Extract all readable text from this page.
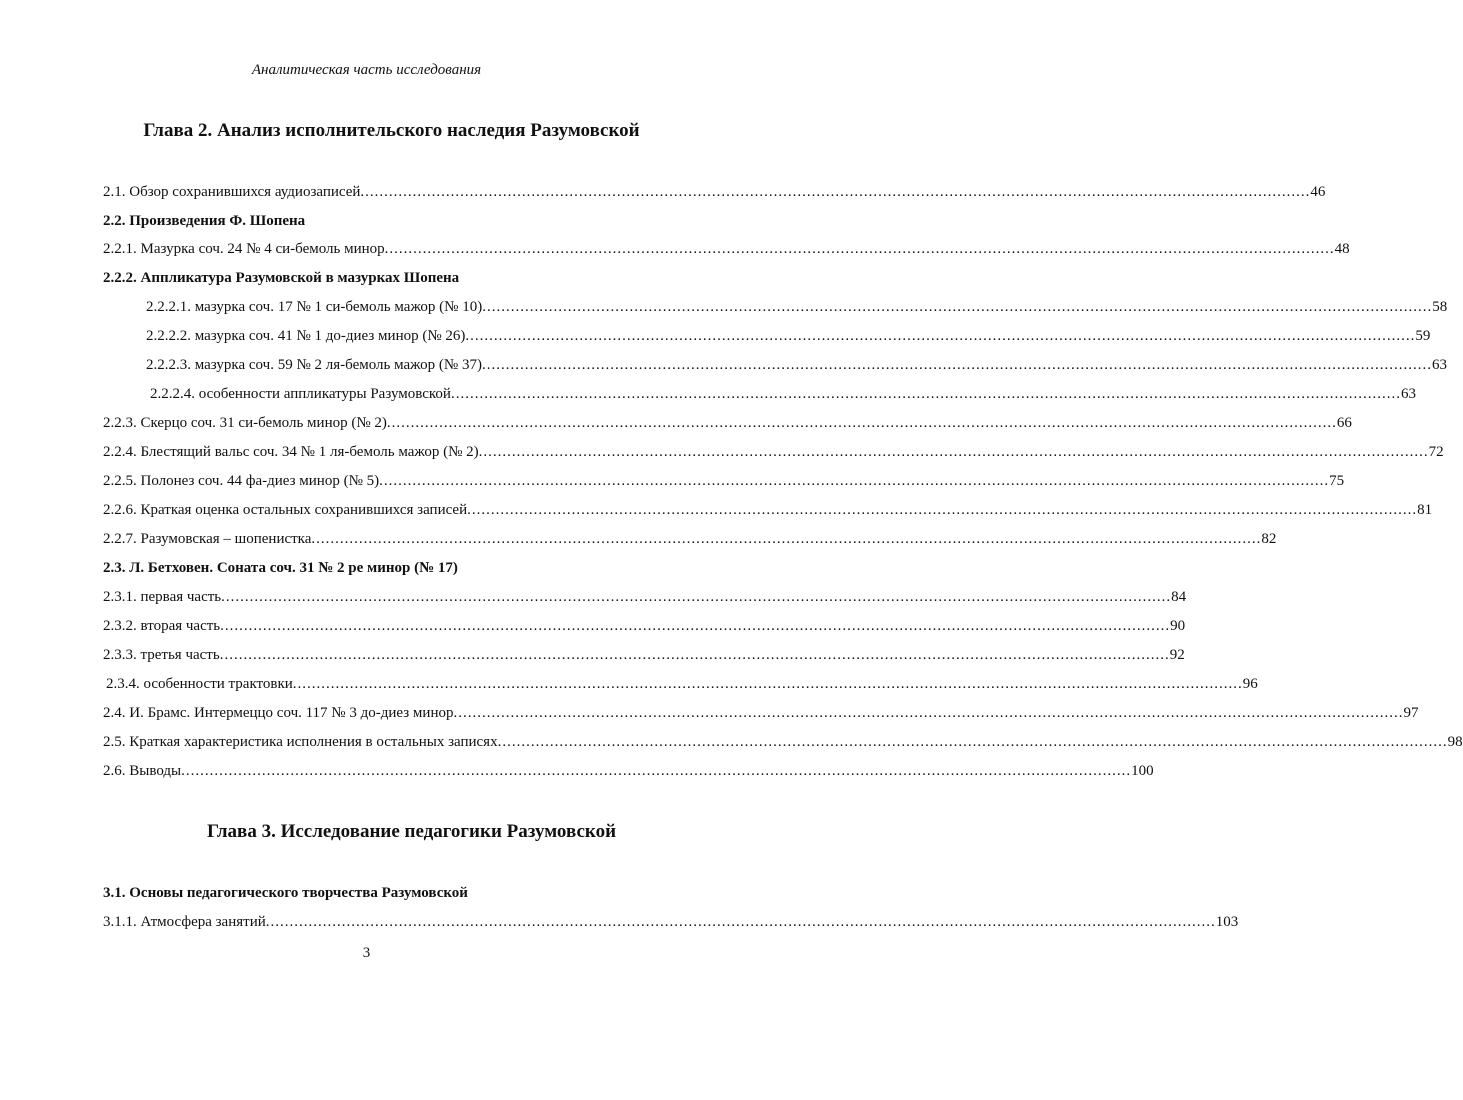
Аналитическая часть исследования
Глава 2. Анализ исполнительского наследия Разумовской
2.1. Обзор сохранившихся аудиозаписей ........................................................................................................................................................................................................ 46
2.2. Произведения Ф. Шопена
2.2.1. Мазурка соч. 24 № 4 си-бемоль минор ........................................................................................................................................................................................................ 48
2.2.2. Аппликатура Разумовской в мазурках Шопена
2.2.2.1. мазурка соч. 17 № 1 си-бемоль мажор (№ 10) ........................................................................................................................................................................................................ 58
2.2.2.2. мазурка соч. 41 № 1 до-диез минор (№ 26) ........................................................................................................................................................................................................ 59
2.2.2.3. мазурка соч. 59 № 2 ля-бемоль мажор (№ 37) ........................................................................................................................................................................................................ 63
2.2.2.4. особенности аппликатуры Разумовской ........................................................................................................................................................................................................ 63
2.2.3. Скерцо соч. 31 си-бемоль минор (№ 2) ........................................................................................................................................................................................................ 66
2.2.4. Блестящий вальс соч. 34 № 1 ля-бемоль мажор (№ 2) ........................................................................................................................................................................................................ 72
2.2.5. Полонез соч. 44 фа-диез минор (№ 5) ........................................................................................................................................................................................................ 75
2.2.6. Краткая оценка остальных сохранившихся записей ........................................................................................................................................................................................................ 81
2.2.7. Разумовская – шопенистка ........................................................................................................................................................................................................ 82
2.3. Л. Бетховен. Соната соч. 31 № 2 ре минор (№ 17)
2.3.1. первая часть ........................................................................................................................................................................................................ 84
2.3.2. вторая часть ........................................................................................................................................................................................................ 90
2.3.3. третья часть ........................................................................................................................................................................................................ 92
2.3.4. особенности трактовки ........................................................................................................................................................................................................ 96
2.4. И. Брамс. Интермеццо соч. 117 № 3 до-диез минор ........................................................................................................................................................................................................ 97
2.5. Краткая характеристика исполнения в остальных записях ........................................................................................................................................................................................................ 98
2.6. Выводы ........................................................................................................................................................................................................ 100
3.1. Основы педагогического творчества Разумовской
3.1.1. Атмосфера занятий ........................................................................................................................................................................................................ 103
Глава 3. Исследование педагогики Разумовской
3
